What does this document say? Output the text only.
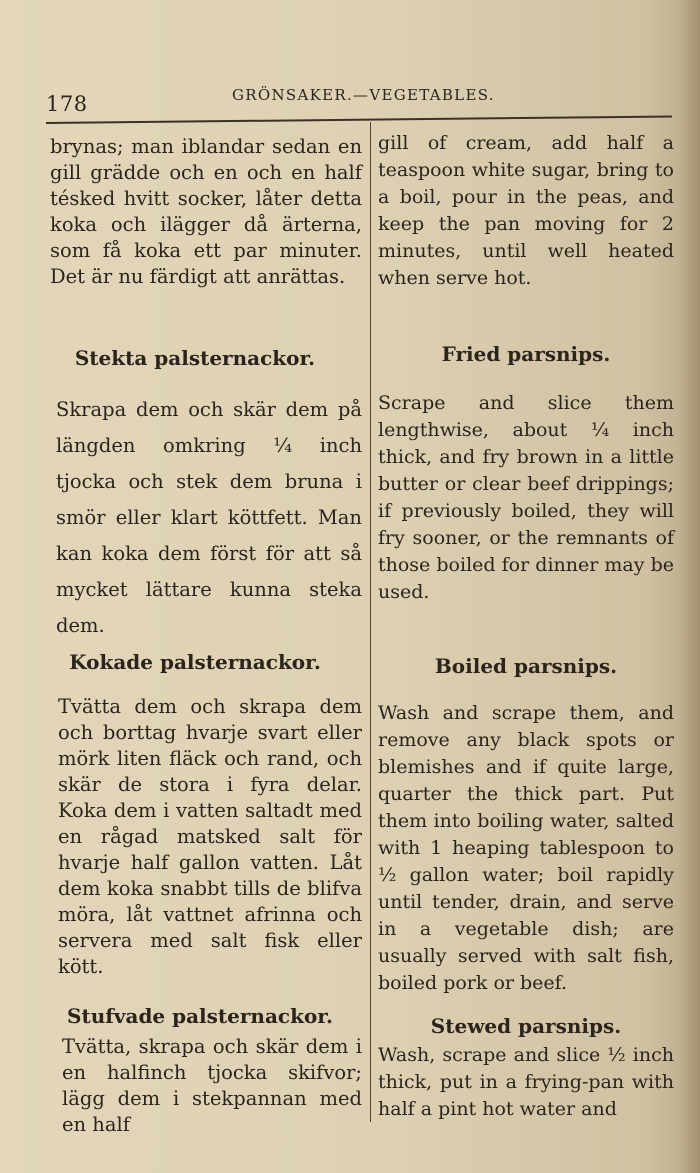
178	GRÖNSAKER.—VEGETABLES.

brynas; man iblandar sedan en gill grädde och en och en half tésked hvitt socker, låter detta koka och ilägger då ärterna, som få koka ett par minuter. Det är nu färdigt att anrättas.

Stekta palsternackor.

Skrapa dem och skär dem på längden omkring ¼ inch tjocka och stek dem bruna i smör eller klart köttfett. Man kan koka dem först för att så mycket lättare kunna steka dem.

Kokade palsternackor.

Tvätta dem och skrapa dem och borttag hvarje svart eller mörk liten fläck och rand, och skär de stora i fyra delar. Koka dem i vatten saltadt med en rågad matsked salt för hvarje half gallon vatten. Låt dem koka snabbt tills de blifva möra, låt vattnet afrinna och servera med salt fisk eller kött.

Stufvade palsternackor.

Tvätta, skrapa och skär dem i en halfinch tjocka skifvor; lägg dem i stekpannan med en half

gill of cream, add half a teaspoon white sugar, bring to a boil, pour in the peas, and keep the pan moving for 2 minutes, until well heated when serve hot.

Fried parsnips.

Scrape and slice them lengthwise, about ¼ inch thick, and fry brown in a little butter or clear beef drippings; if previously boiled, they will fry sooner, or the remnants of those boiled for dinner may be used.

Boiled parsnips.

Wash and scrape them, and remove any black spots or blemishes and if quite large, quarter the thick part. Put them into boiling water, salted with 1 heaping tablespoon to ½ gallon water; boil rapidly until tender, drain, and serve in a vegetable dish; are usually served with salt fish, boiled pork or beef.

Stewed parsnips.

Wash, scrape and slice ½ inch thick, put in a frying-pan with half a pint hot water and
